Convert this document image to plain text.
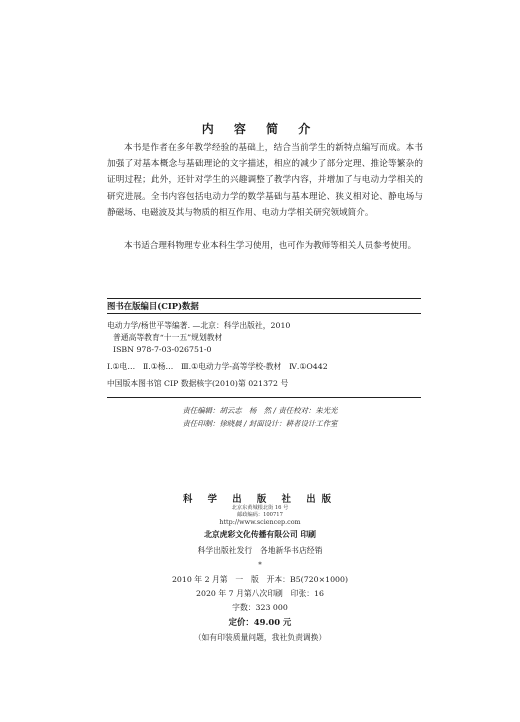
内 容 简 介
本书是作者在多年教学经验的基础上，结合当前学生的新特点编写而成。本书加强了对基本概念与基础理论的文字描述，相应的减少了部分定理、推论等繁杂的证明过程；此外，还针对学生的兴趣调整了教学内容，并增加了与电动力学相关的研究进展。全书内容包括电动力学的数学基础与基本理论、狭义相对论、静电场与静磁场、电磁波及其与物质的相互作用、电动力学相关研究领域简介。
本书适合理科物理专业本科生学习使用，也可作为教师等相关人员参考使用。
图书在版编目(CIP)数据
电动力学/杨世平等编著. —北京：科学出版社，2010
普通高等教育“十一五”规划教材
ISBN 978-7-03-026751-0
Ⅰ.①电…　Ⅱ.①杨…　Ⅲ.①电动力学-高等学校-教材　Ⅳ.①O442
中国版本图书馆 CIP 数据核字(2010)第 021372 号
责任编辑：胡云志　杨　然 / 责任校对：朱光光
责任印制：徐晓晨 / 封面设计：耕者设计工作室
科 学 出 版 社 出版
北京东黄城根北街 16 号
邮政编码：100717
http://www.sciencep.com
北京虎彩文化传播有限公司 印刷
科学出版社发行　各地新华书店经销
*
2010 年 2 月第　一　版　开本：B5(720×1000)
2020 年 7 月第八次印刷　印张：16
字数：323 000
定价：49.00 元
（如有印装质量问题，我社负责调换）
